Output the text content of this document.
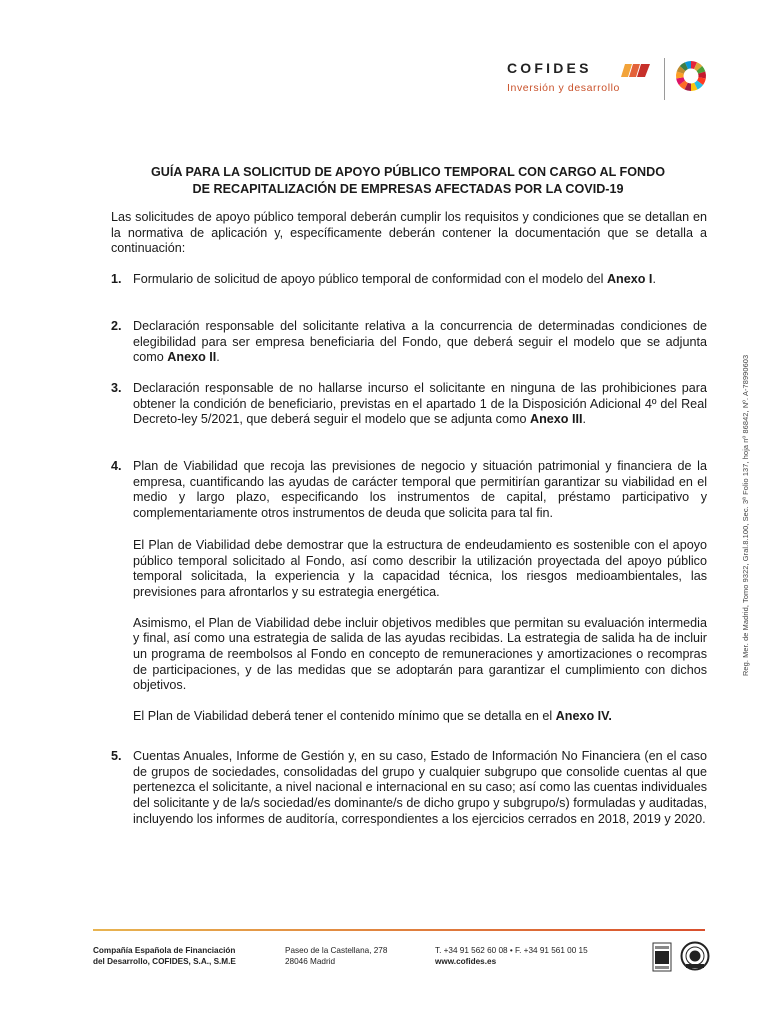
COFIDES
Inversión y desarrollo
GUÍA PARA LA SOLICITUD DE APOYO PÚBLICO TEMPORAL CON CARGO AL FONDO
DE RECAPITALIZACIÓN DE EMPRESAS AFECTADAS POR LA COVID-19
Las solicitudes de apoyo público temporal deberán cumplir los requisitos y condiciones que se detallan en la normativa de aplicación y, específicamente deberán contener la documentación que se detalla a continuación:
1. Formulario de solicitud de apoyo público temporal de conformidad con el modelo del Anexo I.
2. Declaración responsable del solicitante relativa a la concurrencia de determinadas condiciones de elegibilidad para ser empresa beneficiaria del Fondo, que deberá seguir el modelo que se adjunta como Anexo II.
3. Declaración responsable de no hallarse incurso el solicitante en ninguna de las prohibiciones para obtener la condición de beneficiario, previstas en el apartado 1 de la Disposición Adicional 4º del Real Decreto-ley 5/2021, que deberá seguir el modelo que se adjunta como Anexo III.
4. Plan de Viabilidad que recoja las previsiones de negocio y situación patrimonial y financiera de la empresa, cuantificando las ayudas de carácter temporal que permitirían garantizar su viabilidad en el medio y largo plazo, especificando los instrumentos de capital, préstamo participativo y complementariamente otros instrumentos de deuda que solicita para tal fin.
El Plan de Viabilidad debe demostrar que la estructura de endeudamiento es sostenible con el apoyo público temporal solicitado al Fondo, así como describir la utilización proyectada del apoyo público temporal solicitada, la experiencia y la capacidad técnica, los riesgos medioambientales, las previsiones para afrontarlos y su estrategia energética.
Asimismo, el Plan de Viabilidad debe incluir objetivos medibles que permitan su evaluación intermedia y final, así como una estrategia de salida de las ayudas recibidas. La estrategia de salida ha de incluir un programa de reembolsos al Fondo en concepto de remuneraciones y amortizaciones o recompras de participaciones, y de las medidas que se adoptarán para garantizar el cumplimiento con dichos objetivos.
El Plan de Viabilidad deberá tener el contenido mínimo que se detalla en el Anexo IV.
5. Cuentas Anuales, Informe de Gestión y, en su caso, Estado de Información No Financiera (en el caso de grupos de sociedades, consolidadas del grupo y cualquier subgrupo que consolide cuentas al que pertenezca el solicitante, a nivel nacional e internacional en su caso; así como las cuentas individuales del solicitante y de la/s sociedad/es dominante/s de dicho grupo y subgrupo/s) formuladas y auditadas, incluyendo los informes de auditoría, correspondientes a los ejercicios cerrados en 2018, 2019 y 2020.
Reg. Mer. de Madrid, Tomo 9322, Gral.8.100, Sec. 3ª Folio 137, hoja nº 86842, Nº. A-78990603
Compañía Española de Financiación
del Desarrollo, COFIDES, S.A., S.M.E
Paseo de la Castellana, 278
28046 Madrid
T. +34 91 562 60 08 • F. +34 91 561 00 15
www.cofides.es
